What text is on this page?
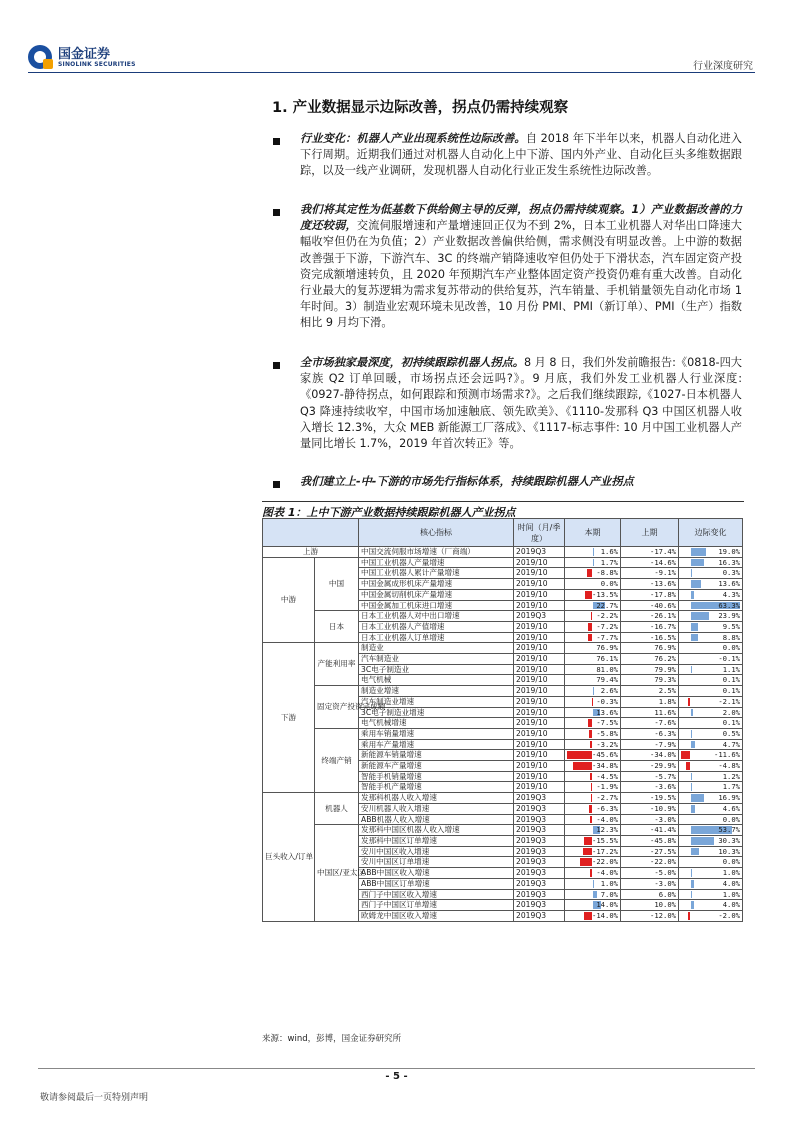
国金证券
SINOLINK SECURITIES	行业深度研究
1. 产业数据显示边际改善，拐点仍需持续观察
行业变化：机器人产业出现系统性边际改善。自 2018 年下半年以来，机器人自动化进入下行周期。近期我们通过对机器人自动化上中下游、国内外产业、自动化巨头多维数据跟踪，以及一线产业调研，发现机器人自动化行业正发生系统性边际改善。
我们将其定性为低基数下供给侧主导的反弹，拐点仍需持续观察。1）产业数据改善的力度还较弱，交流伺服增速和产量增速回正仅为不到 2%，日本工业机器人对华出口降速大幅收窄但仍在为负值；2）产业数据改善偏供给侧，需求侧没有明显改善。上中游的数据改善强于下游，下游汽车、3C 的终端产销降速收窄但仍处于下滑状态，汽车固定资产投资完成额增速转负，且 2020 年预期汽车产业整体固定资产投资仍难有重大改善。自动化行业最大的复苏逻辑为需求复苏带动的供给复苏，汽车销量、手机销量领先自动化市场 1 年时间。3）制造业宏观环境未见改善，10 月份 PMI、PMI（新订单）、PMI（生产）指数相比 9 月均下滑。
全市场独家最深度，初持续跟踪机器人拐点。8 月 8 日，我们外发前瞻报告:《0818-四大家族 Q2 订单回暖，市场拐点还会远吗?》。9 月底，我们外发工业机器人行业深度:《0927-静待拐点，如何跟踪和预测市场需求?》。之后我们继续跟踪,《1027-日本机器人 Q3 降速持续收窄，中国市场加速触底、领先欧美》、《1110-发那科 Q3 中国区机器人收入增长 12.3%，大众 MEB 新能源工厂落成》、《1117-标志事件: 10 月中国工业机器人产量同比增长 1.7%，2019 年首次转正》等。
我们建立上-中-下游的市场先行指标体系，持续跟踪机器人产业拐点
图表 1：上中下游产业数据持续跟踪机器人产业拐点
		核心指标	时间（月/季度）	本期	上期	边际变化
上游		中国交流伺服市场增速（厂商端）	2019Q3	1.6%	-17.4%	19.0%
中游	中国	中国工业机器人产量增速	2019/10	1.7%	-14.6%	16.3%
		中国工业机器人累计产量增速	2019/10	-8.8%	-9.1%	0.3%
		中国金属成形机床产量增速	2019/10	0.0%	-13.6%	13.6%
		中国金属切削机床产量增速	2019/10	-13.5%	-17.8%	4.3%
		中国金属加工机床进口增速	2019/10	22.7%	-40.6%	63.3%
	日本	日本工业机器人对中出口增速	2019Q3	-2.2%	-26.1%	23.9%
		日本工业机器人产值增速	2019/10	-7.2%	-16.7%	9.5%
		日本工业机器人订单增速	2019/10	-7.7%	-16.5%	8.8%
下游	产能利用率	制造业	2019/10	76.9%	76.9%	0.0%
		汽车制造业	2019/10	76.1%	76.2%	-0.1%
		3C电子制造业	2019/10	81.0%	79.9%	1.1%
		电气机械	2019/10	79.4%	79.3%	0.1%
	固定资产投资完成额	制造业增速	2019/10	2.6%	2.5%	0.1%
		汽车制造业增速	2019/10	-0.3%	1.8%	-2.1%
		3C电子制造业增速	2019/10	13.6%	11.6%	2.0%
		电气机械增速	2019/10	-7.5%	-7.6%	0.1%
	终端产销	乘用车销量增速	2019/10	-5.8%	-6.3%	0.5%
		乘用车产量增速	2019/10	-3.2%	-7.9%	4.7%
		新能源车销量增速	2019/10	-45.6%	-34.0%	-11.6%
		新能源车产量增速	2019/10	-34.8%	-29.9%	-4.8%
		智能手机销量增速	2019/10	-4.5%	-5.7%	1.2%
		智能手机产量增速	2019/10	-1.9%	-3.6%	1.7%
巨头收入/订单	机器人	发那科机器人收入增速	2019Q3	-2.7%	-19.5%	16.9%
		安川机器人收入增速	2019Q3	-6.3%	-10.9%	4.6%
		ABB机器人收入增速	2019Q3	-4.0%	-3.0%	0.0%
	中国区/亚太区	发那科中国区机器人收入增速	2019Q3	12.3%	-41.4%	53.7%
		发那科中国区订单增速	2019Q3	-15.5%	-45.8%	30.3%
		安川中国区收入增速	2019Q3	-17.2%	-27.5%	10.3%
		安川中国区订单增速	2019Q3	-22.0%	-22.0%	0.0%
		ABB中国区收入增速	2019Q3	-4.0%	-5.0%	1.0%
		ABB中国区订单增速	2019Q3	1.0%	-3.0%	4.0%
		西门子中国区收入增速	2019Q3	7.0%	6.0%	1.0%
		西门子中国区订单增速	2019Q3	14.0%	10.0%	4.0%
		欧姆龙中国区收入增速	2019Q3	-14.0%	-12.0%	-2.0%
来源：wind，彭博，国金证券研究所
- 5 -
敬请参阅最后一页特别声明
